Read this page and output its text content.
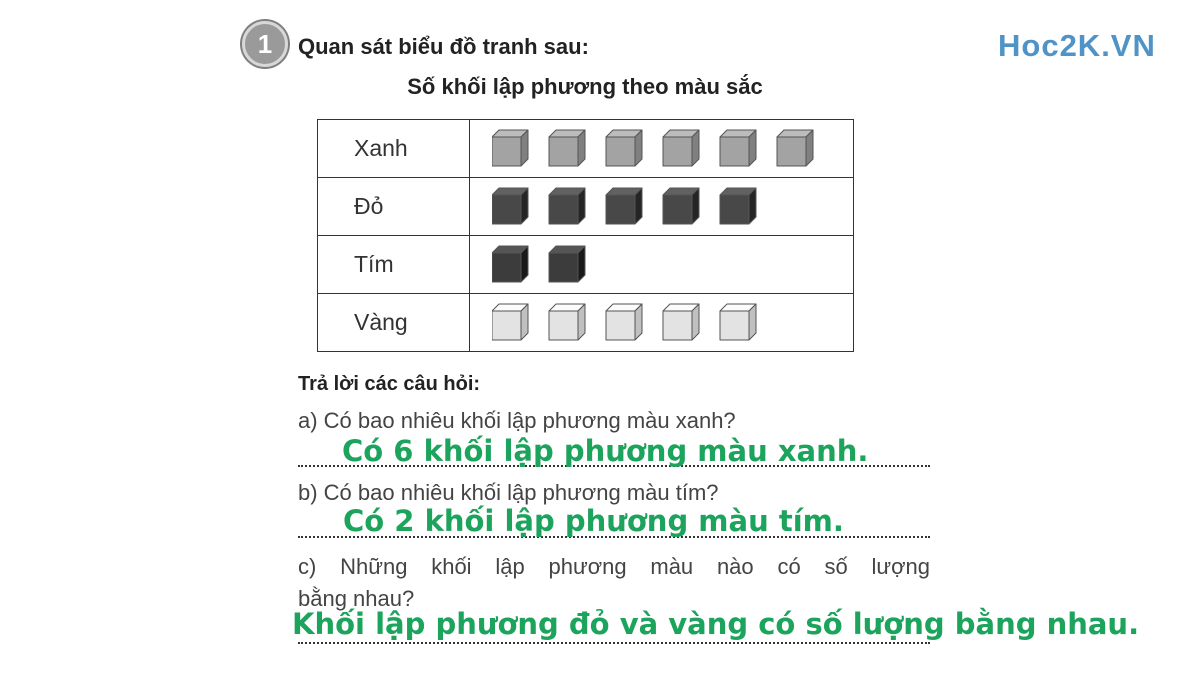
1	Quan sát biểu đồ tranh sau:	Hoc2K.VN
Số khối lập phương theo màu sắc
Xanh	

Đỏ	

Tím	

Vàng	
Trả lời các câu hỏi:
a) Có bao nhiêu khối lập phương màu xanh?
Có 6 khối lập phương màu xanh.
b) Có bao nhiêu khối lập phương màu tím?
Có 2 khối lập phương màu tím.
c) Những khối lập phương màu nào có số lượng
bằng nhau?
Khối lập phương đỏ và vàng có số lượng bằng nhau.
